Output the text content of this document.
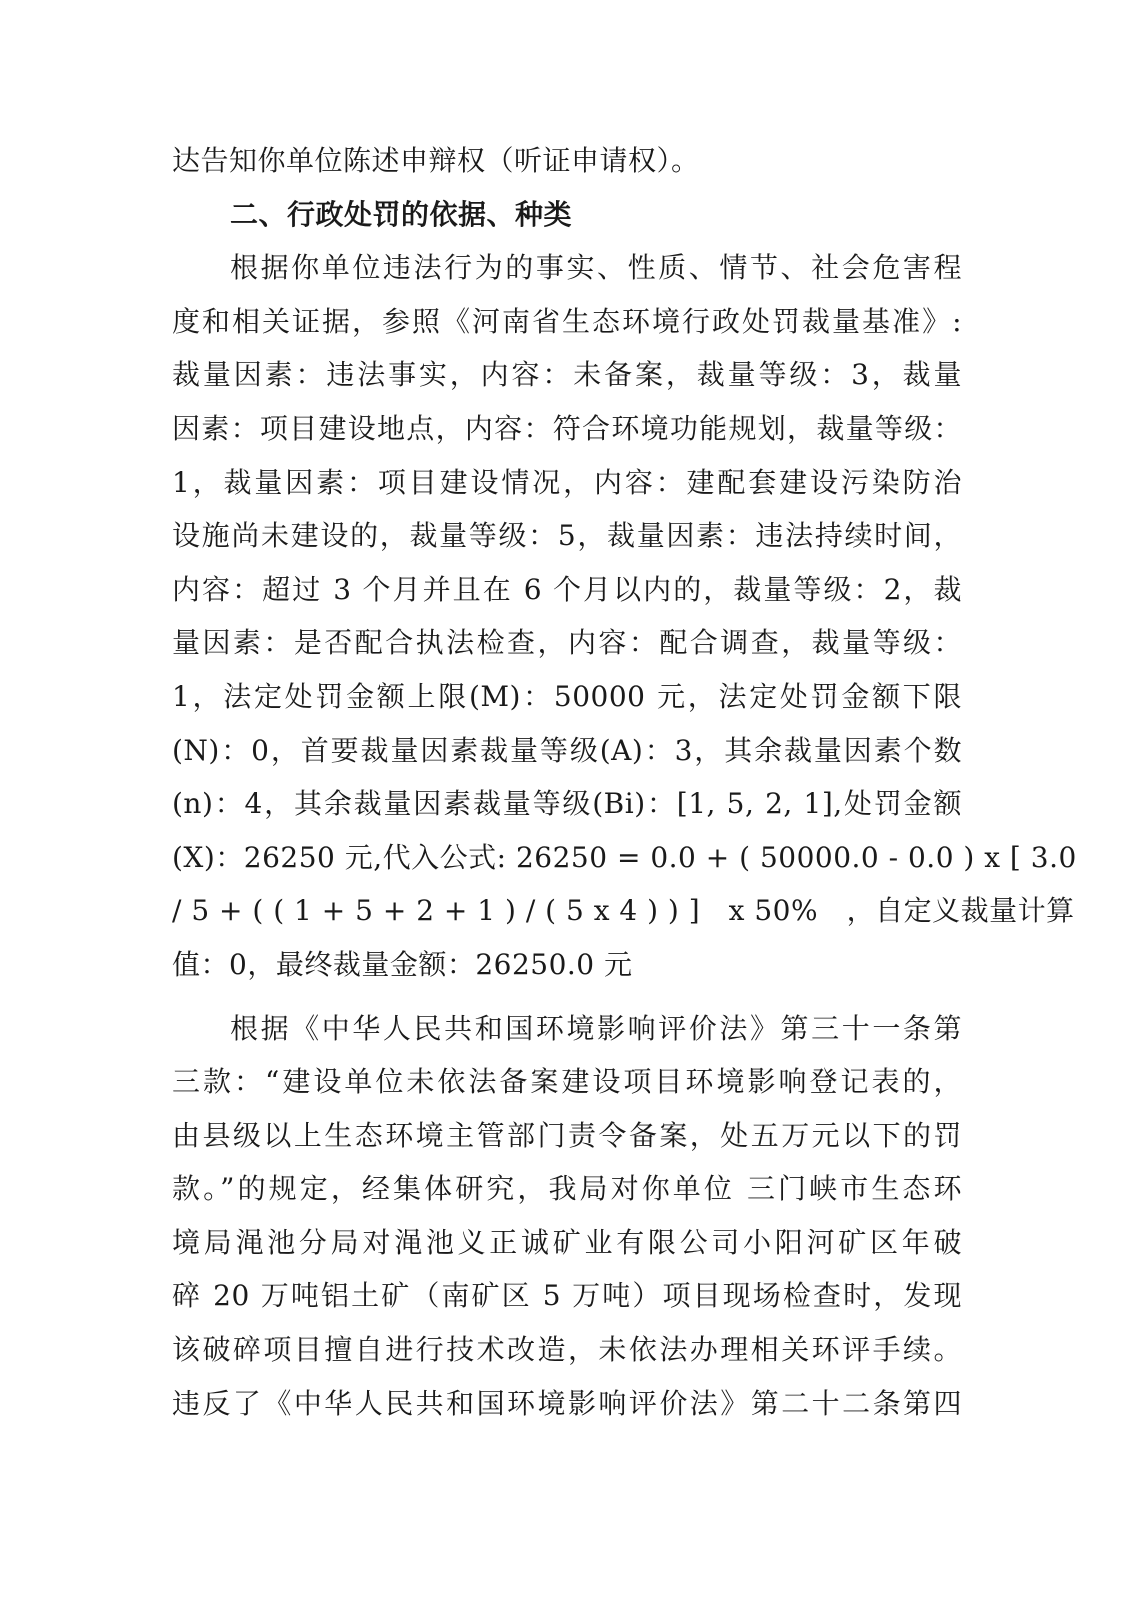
达告知你单位陈述申辩权（听证申请权）。
二、行政处罚的依据、种类
根据你单位违法行为的事实、性质、情节、社会危害程
度和相关证据，参照《河南省生态环境行政处罚裁量基准》:
裁量因素：违法事实，内容：未备案，裁量等级：3，裁量
因素：项目建设地点，内容：符合环境功能规划，裁量等级：
1，裁量因素：项目建设情况，内容：建配套建设污染防治
设施尚未建设的，裁量等级：5，裁量因素：违法持续时间，
内容：超过 3 个月并且在 6 个月以内的，裁量等级：2，裁
量因素：是否配合执法检查，内容：配合调查，裁量等级：
1，法定处罚金额上限(M)：50000 元，法定处罚金额下限
(N)：0，首要裁量因素裁量等级(A)：3，其余裁量因素个数
(n)：4，其余裁量因素裁量等级(Bi)：[1, 5, 2, 1],处罚金额
(X)：26250 元,代入公式: 26250 = 0.0 + ( 50000.0 - 0.0 ) x [ 3.0
/ 5 + ( ( 1 + 5 + 2 + 1 ) / ( 5 x 4 ) ) ]　x 50%　，自定义裁量计算
值：0，最终裁量金额：26250.0 元
根据《中华人民共和国环境影响评价法》第三十一条第
三款：“建设单位未依法备案建设项目环境影响登记表的，
由县级以上生态环境主管部门责令备案，处五万元以下的罚
款。”的规定，经集体研究，我局对你单位 三门峡市生态环
境局渑池分局对渑池义正诚矿业有限公司小阳河矿区年破
碎 20 万吨铝土矿（南矿区 5 万吨）项目现场检查时，发现
该破碎项目擅自进行技术改造，未依法办理相关环评手续。
违反了《中华人民共和国环境影响评价法》第二十二条第四
